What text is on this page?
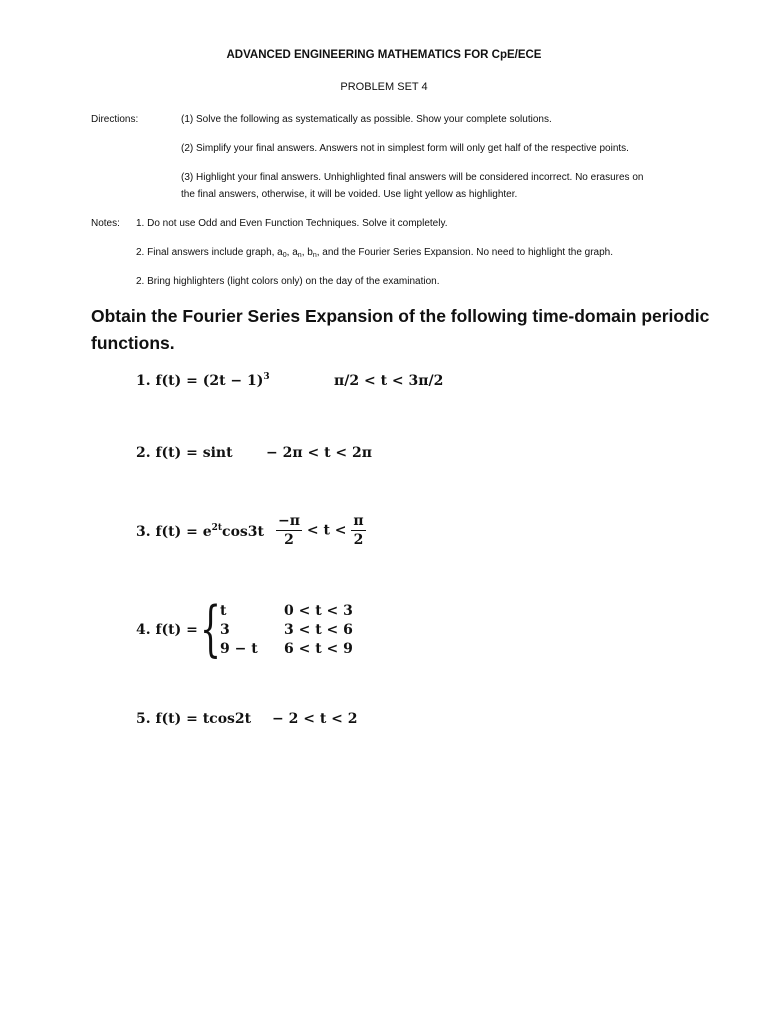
ADVANCED ENGINEERING MATHEMATICS FOR CpE/ECE
PROBLEM SET 4
Directions:	(1) Solve the following as systematically as possible. Show your complete solutions.
(2) Simplify your final answers. Answers not in simplest form will only get half of the respective points.
(3) Highlight your final answers. Unhighlighted final answers will be considered incorrect. No erasures on
the final answers, otherwise, it will be voided. Use light yellow as highlighter.
Notes: 1. Do not use Odd and Even Function Techniques. Solve it completely.
2. Final answers include graph, $a_0$, $a_n$, $b_n$, and the Fourier Series Expansion. No need to highlight the graph.
2. Bring highlighters (light colors only) on the day of the examination.
Obtain the Fourier Series Expansion of the following time-domain periodic
functions.
1. $f(t) = (2t - 1)^3$	π/2 < t < 3π/2
2. f(t) = sint − 2π < t < 2π
3. $f(t) = e^{2t}\cos 3t \frac{-\pi}{2} < t < \frac{\pi}{2}$
4. f(t) = {
t
3
9 − t
0 < t < 3
3 < t < 6
6 < t < 9
5. f(t) = tcos2t − 2 < t < 2
